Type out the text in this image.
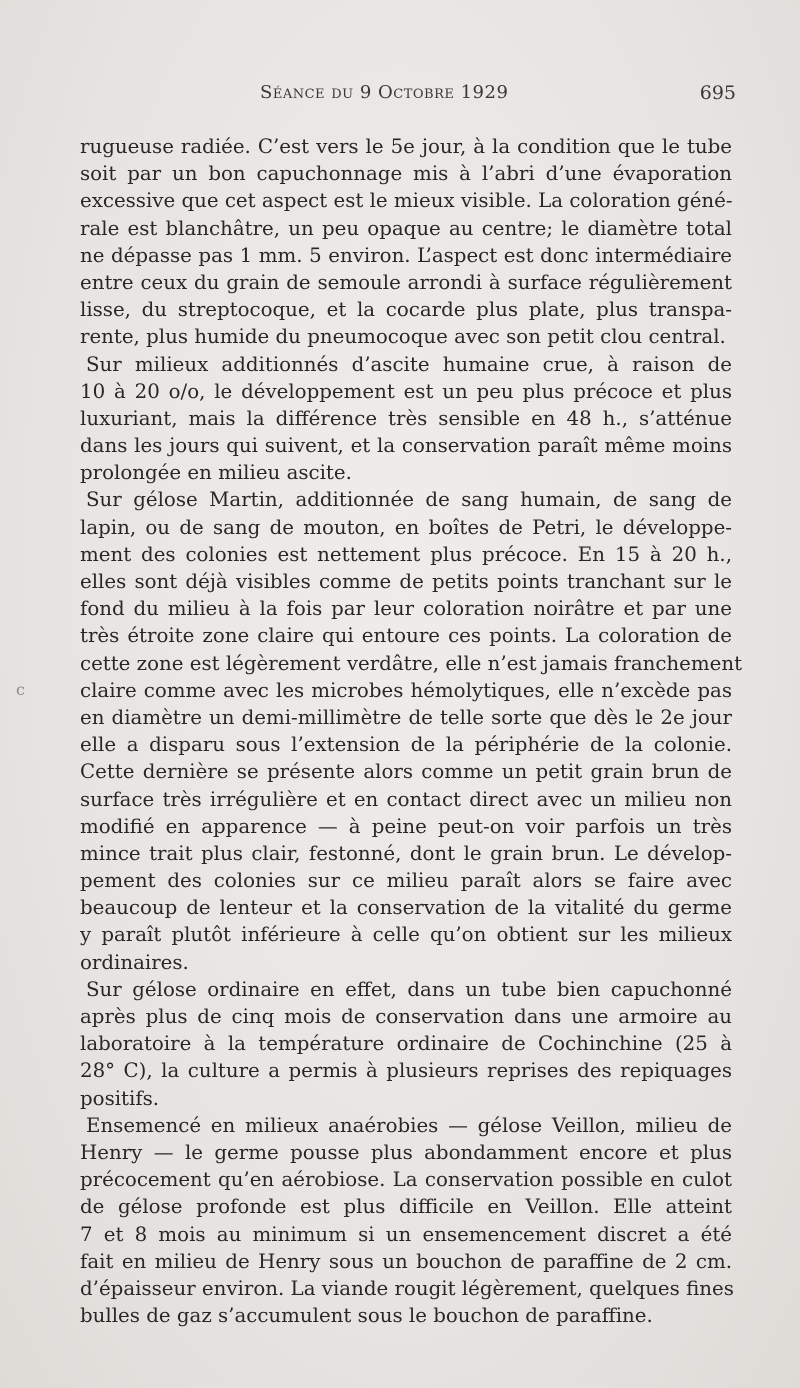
Séance du 9 Octobre 1929	695
c
rugueuse radiée. C’est vers le 5e jour, à la condition que le tube
soit par un bon capuchonnage mis à l’abri d’une évaporation
excessive que cet aspect est le mieux visible. La coloration géné-
rale est blanchâtre, un peu opaque au centre; le diamètre total
ne dépasse pas 1 mm. 5 environ. L’aspect est donc intermédiaire
entre ceux du grain de semoule arrondi à surface régulièrement
lisse, du streptocoque, et la cocarde plus plate, plus transpa-
rente, plus humide du pneumocoque avec son petit clou central.
Sur milieux additionnés d’ascite humaine crue, à raison de
10 à 20 o/o, le développement est un peu plus précoce et plus
luxuriant, mais la différence très sensible en 48 h., s’atténue
dans les jours qui suivent, et la conservation paraît même moins
prolongée en milieu ascite.
Sur gélose Martin, additionnée de sang humain, de sang de
lapin, ou de sang de mouton, en boîtes de Petri, le développe-
ment des colonies est nettement plus précoce. En 15 à 20 h.,
elles sont déjà visibles comme de petits points tranchant sur le
fond du milieu à la fois par leur coloration noirâtre et par une
très étroite zone claire qui entoure ces points. La coloration de
cette zone est légèrement verdâtre, elle n’est jamais franchement
claire comme avec les microbes hémolytiques, elle n’excède pas
en diamètre un demi-millimètre de telle sorte que dès le 2e jour
elle a disparu sous l’extension de la périphérie de la colonie.
Cette dernière se présente alors comme un petit grain brun de
surface très irrégulière et en contact direct avec un milieu non
modifié en apparence — à peine peut-on voir parfois un très
mince trait plus clair, festonné, dont le grain brun. Le dévelop-
pement des colonies sur ce milieu paraît alors se faire avec
beaucoup de lenteur et la conservation de la vitalité du germe
y paraît plutôt inférieure à celle qu’on obtient sur les milieux
ordinaires.
Sur gélose ordinaire en effet, dans un tube bien capuchonné
après plus de cinq mois de conservation dans une armoire au
laboratoire à la température ordinaire de Cochinchine (25 à
28° C), la culture a permis à plusieurs reprises des repiquages
positifs.
Ensemencé en milieux anaérobies — gélose Veillon, milieu de
Henry — le germe pousse plus abondamment encore et plus
précocement qu’en aérobiose. La conservation possible en culot
de gélose profonde est plus difficile en Veillon. Elle atteint
7 et 8 mois au minimum si un ensemencement discret a été
fait en milieu de Henry sous un bouchon de paraffine de 2 cm.
d’épaisseur environ. La viande rougit légèrement, quelques fines
bulles de gaz s’accumulent sous le bouchon de paraffine.
